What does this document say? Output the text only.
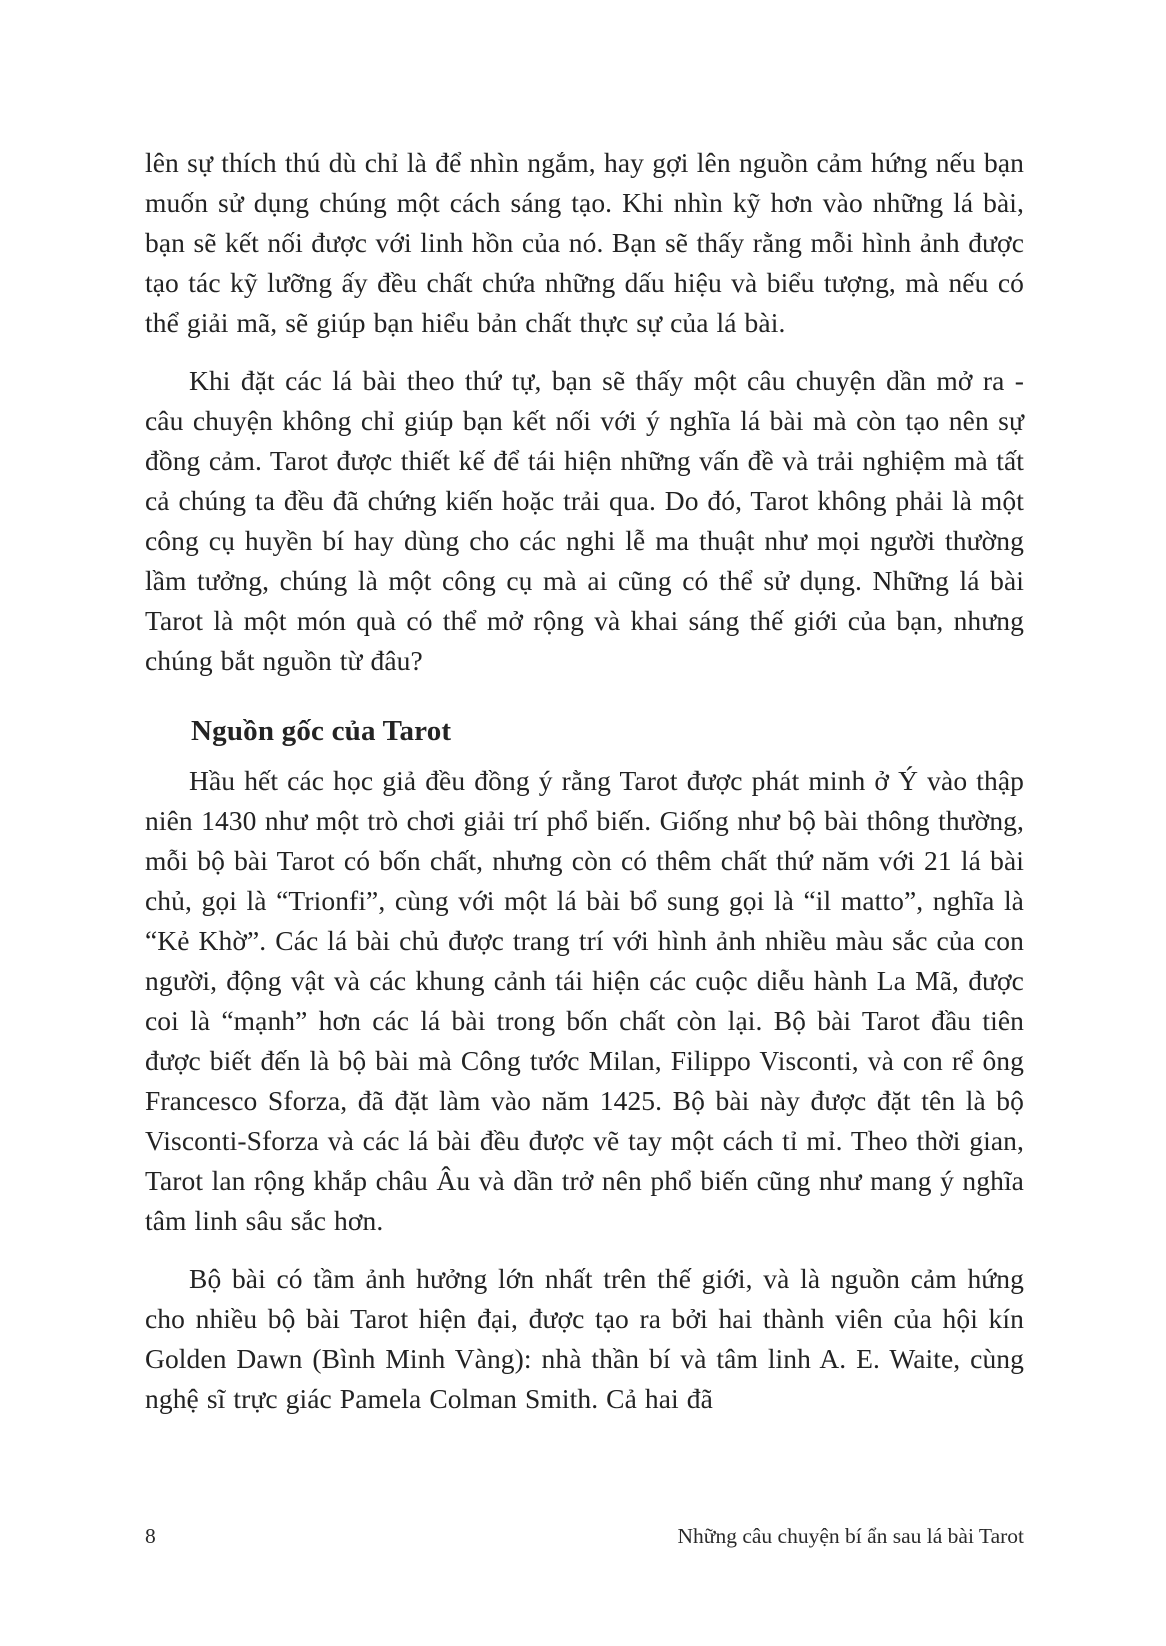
lên sự thích thú dù chỉ là để nhìn ngắm, hay gợi lên nguồn cảm hứng nếu bạn muốn sử dụng chúng một cách sáng tạo. Khi nhìn kỹ hơn vào những lá bài, bạn sẽ kết nối được với linh hồn của nó. Bạn sẽ thấy rằng mỗi hình ảnh được tạo tác kỹ lưỡng ấy đều chất chứa những dấu hiệu và biểu tượng, mà nếu có thể giải mã, sẽ giúp bạn hiểu bản chất thực sự của lá bài.

Khi đặt các lá bài theo thứ tự, bạn sẽ thấy một câu chuyện dần mở ra - câu chuyện không chỉ giúp bạn kết nối với ý nghĩa lá bài mà còn tạo nên sự đồng cảm. Tarot được thiết kế để tái hiện những vấn đề và trải nghiệm mà tất cả chúng ta đều đã chứng kiến hoặc trải qua. Do đó, Tarot không phải là một công cụ huyền bí hay dùng cho các nghi lễ ma thuật như mọi người thường lầm tưởng, chúng là một công cụ mà ai cũng có thể sử dụng. Những lá bài Tarot là một món quà có thể mở rộng và khai sáng thế giới của bạn, nhưng chúng bắt nguồn từ đâu?

Nguồn gốc của Tarot

Hầu hết các học giả đều đồng ý rằng Tarot được phát minh ở Ý vào thập niên 1430 như một trò chơi giải trí phổ biến. Giống như bộ bài thông thường, mỗi bộ bài Tarot có bốn chất, nhưng còn có thêm chất thứ năm với 21 lá bài chủ, gọi là “Trionfi”, cùng với một lá bài bổ sung gọi là “il matto”, nghĩa là “Kẻ Khờ”. Các lá bài chủ được trang trí với hình ảnh nhiều màu sắc của con người, động vật và các khung cảnh tái hiện các cuộc diễu hành La Mã, được coi là “mạnh” hơn các lá bài trong bốn chất còn lại. Bộ bài Tarot đầu tiên được biết đến là bộ bài mà Công tước Milan, Filippo Visconti, và con rể ông Francesco Sforza, đã đặt làm vào năm 1425. Bộ bài này được đặt tên là bộ Visconti-Sforza và các lá bài đều được vẽ tay một cách tỉ mỉ. Theo thời gian, Tarot lan rộng khắp châu Âu và dần trở nên phổ biến cũng như mang ý nghĩa tâm linh sâu sắc hơn.

Bộ bài có tầm ảnh hưởng lớn nhất trên thế giới, và là nguồn cảm hứng cho nhiều bộ bài Tarot hiện đại, được tạo ra bởi hai thành viên của hội kín Golden Dawn (Bình Minh Vàng): nhà thần bí và tâm linh A. E. Waite, cùng nghệ sĩ trực giác Pamela Colman Smith. Cả hai đã

8	Những câu chuyện bí ẩn sau lá bài Tarot
